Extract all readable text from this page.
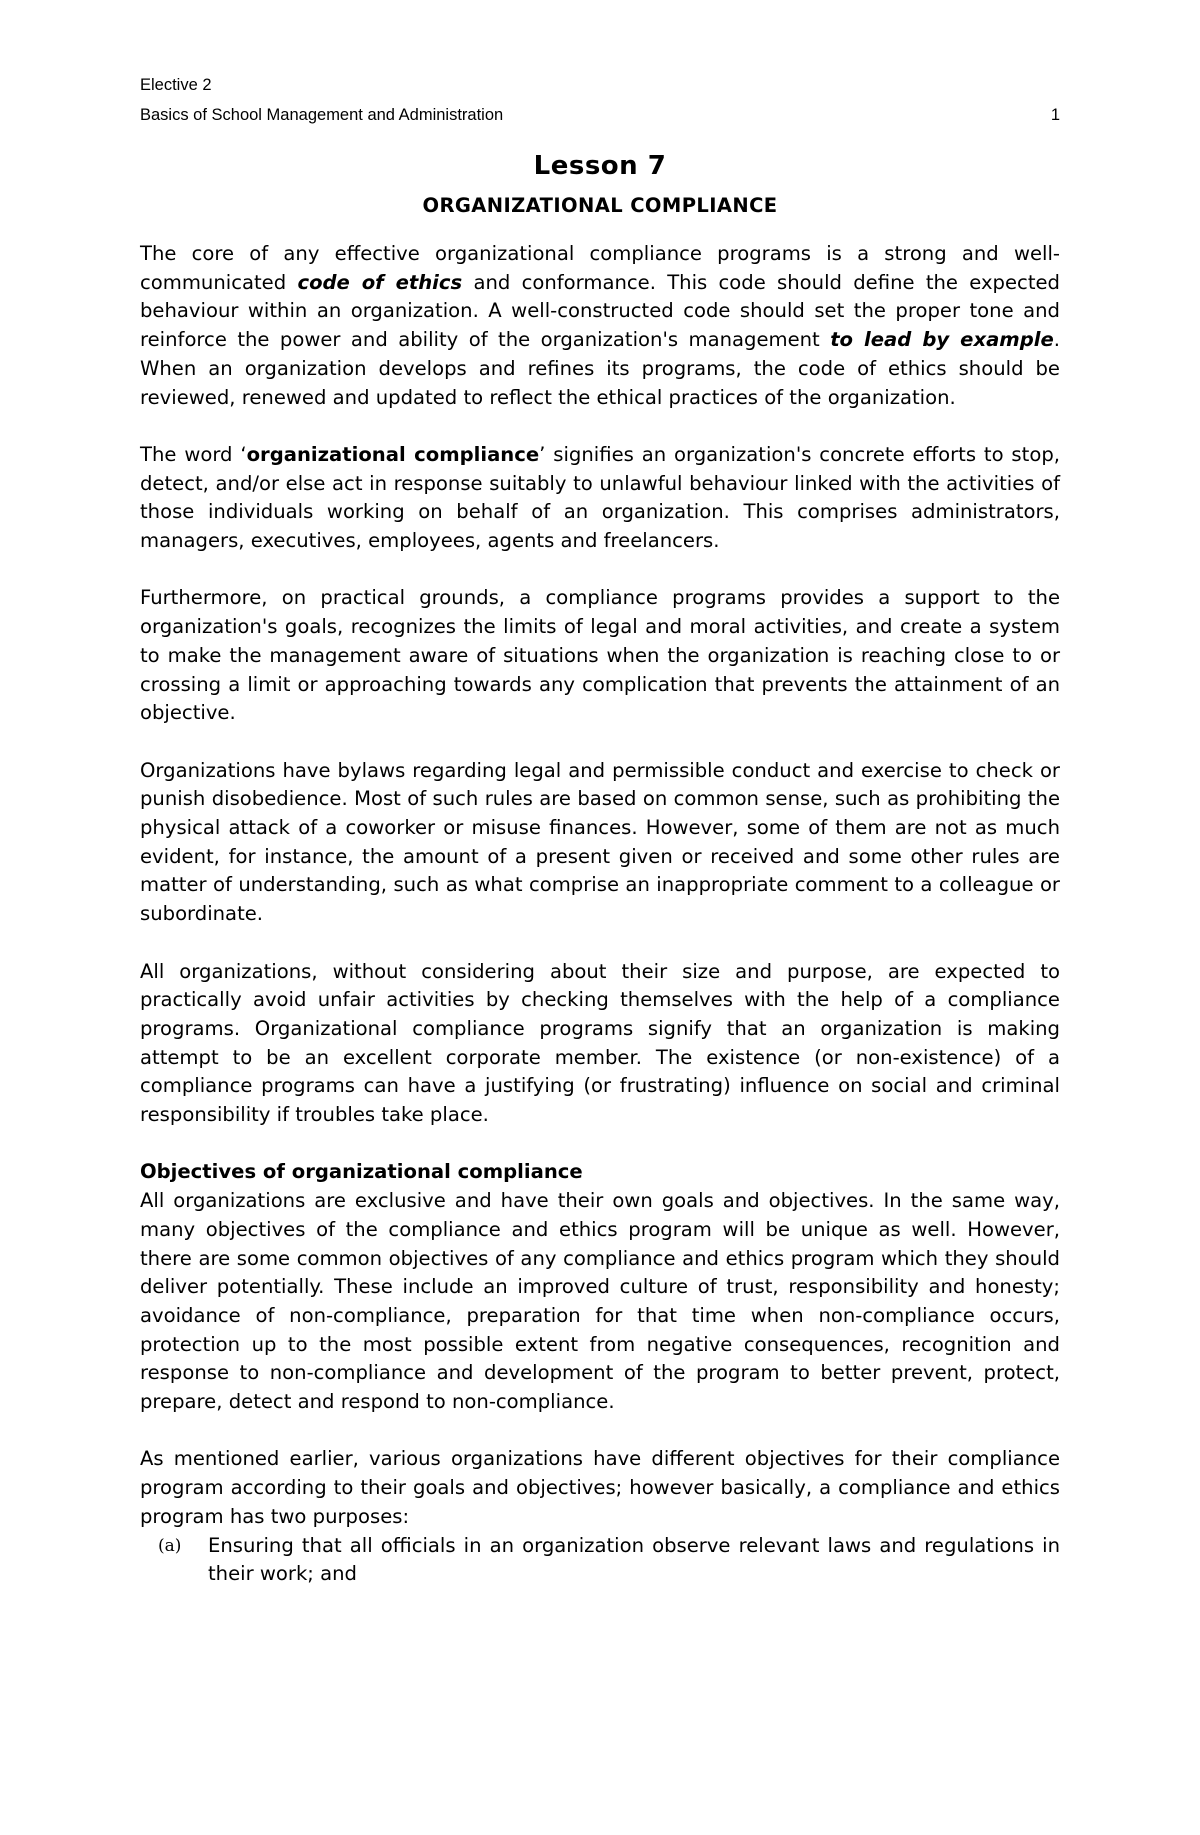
Elective 2
Basics of School Management and Administration	1
Lesson 7
ORGANIZATIONAL COMPLIANCE

The core of any effective organizational compliance programs is a strong and well-communicated code of ethics and conformance. This code should define the expected behaviour within an organization. A well-constructed code should set the proper tone and reinforce the power and ability of the organization's management to lead by example. When an organization develops and refines its programs, the code of ethics should be reviewed, renewed and updated to reflect the ethical practices of the organization.

The word ‘organizational compliance’ signifies an organization's concrete efforts to stop, detect, and/or else act in response suitably to unlawful behaviour linked with the activities of those individuals working on behalf of an organization. This comprises administrators, managers, executives, employees, agents and freelancers.

Furthermore, on practical grounds, a compliance programs provides a support to the organization's goals, recognizes the limits of legal and moral activities, and create a system to make the management aware of situations when the organization is reaching close to or crossing a limit or approaching towards any complication that prevents the attainment of an objective.

Organizations have bylaws regarding legal and permissible conduct and exercise to check or punish disobedience. Most of such rules are based on common sense, such as prohibiting the physical attack of a coworker or misuse finances. However, some of them are not as much evident, for instance, the amount of a present given or received and some other rules are matter of understanding, such as what comprise an inappropriate comment to a colleague or subordinate.

All organizations, without considering about their size and purpose, are expected to practically avoid unfair activities by checking themselves with the help of a compliance programs. Organizational compliance programs signify that an organization is making attempt to be an excellent corporate member. The existence (or non-existence) of a compliance programs can have a justifying (or frustrating) influence on social and criminal responsibility if troubles take place.

Objectives of organizational compliance

All organizations are exclusive and have their own goals and objectives. In the same way, many objectives of the compliance and ethics program will be unique as well. However, there are some common objectives of any compliance and ethics program which they should deliver potentially. These include an improved culture of trust, responsibility and honesty; avoidance of non-compliance, preparation for that time when non-compliance occurs, protection up to the most possible extent from negative consequences, recognition and response to non-compliance and development of the program to better prevent, protect, prepare, detect and respond to non-compliance.

As mentioned earlier, various organizations have different objectives for their compliance program according to their goals and objectives; however basically, a compliance and ethics program has two purposes:

(a) Ensuring that all officials in an organization observe relevant laws and regulations in their work; and
